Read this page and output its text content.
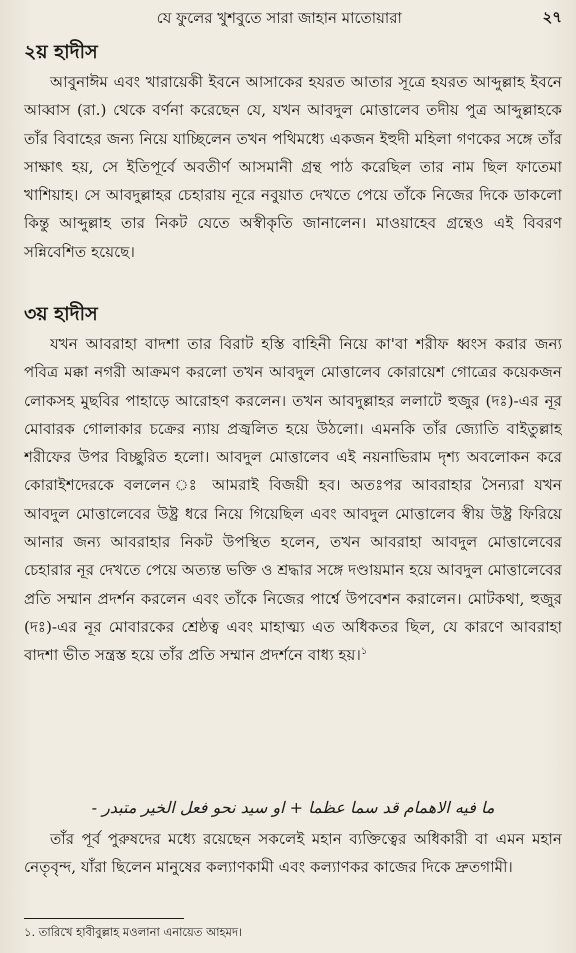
যে ফুলের খুশবুতে সারা জাহান মাতোয়ারা	২৭
২য় হাদীস

আবুনাঈম এবং খারায়েকী ইবনে আসাকের হযরত আতার সূত্রে হযরত আব্দুল্লাহ ইবনে আব্বাস (রা.) থেকে বর্ণনা করেছেন যে, যখন আবদুল মোত্তালেব তদীয় পুত্র আব্দুল্লাহকে তাঁর বিবাহের জন্য নিয়ে যাচ্ছিলেন তখন পথিমধ্যে একজন ইহুদী মহিলা গণকের সঙ্গে তাঁর সাক্ষাৎ হয়, সে ইতিপূর্বে অবতীর্ণ আসমানী গ্রন্থ পাঠ করেছিল তার নাম ছিল ফাতেমা খাশিয়াহ। সে আবদুল্লাহর চেহারায় নূরে নবুয়াত দেখতে পেয়ে তাঁকে নিজের দিকে ডাকলো কিন্তু আব্দুল্লাহ তার নিকট যেতে অস্বীকৃতি জানালেন। মাওয়াহেব গ্রন্থেও এই বিবরণ সন্নিবেশিত হয়েছে।

৩য় হাদীস

যখন আবরাহা বাদশা তার বিরাট হস্তি বাহিনী নিয়ে কা'বা শরীফ ধ্বংস করার জন্য পবিত্র মক্কা নগরী আক্রমণ করলো তখন আবদুল মোত্তালেব কোরায়েশ গোত্রের কয়েকজন লোকসহ মুছবির পাহাড়ে আরোহণ করলেন। তখন আবদুল্লাহর ললাটে হুজুর (দঃ)-এর নূর মোবারক গোলাকার চক্রের ন্যায় প্রজ্বলিত হয়ে উঠলো। এমনকি তাঁর জ্যোতি বাইতুল্লাহ শরীফের উপর বিচ্ছুরিত হলো। আবদুল মোত্তালেব এই নয়নাভিরাম দৃশ্য অবলোকন করে কোরাইশদেরকে বললেন ঃ আমরাই বিজয়ী হব। অতঃপর আবরাহার সৈন্যরা যখন আবদুল মোত্তালেবের উষ্ট্র ধরে নিয়ে গিয়েছিল এবং আবদুল মোত্তালেব স্বীয় উষ্ট্র ফিরিয়ে আনার জন্য আবরাহার নিকট উপস্থিত হলেন, তখন আবরাহা আবদুল মোত্তালেবের চেহারার নূর দেখতে পেয়ে অত্যন্ত ভক্তি ও শ্রদ্ধার সঙ্গে দণ্ডায়মান হয়ে আবদুল মোত্তালেবের প্রতি সম্মান প্রদর্শন করলেন এবং তাঁকে নিজের পার্শ্বে উপবেশন করালেন। মোটকথা, হুজুর (দঃ)-এর নূর মোবারকের শ্রেষ্ঠত্ব এবং মাহাত্ম্য এত অধিকতর ছিল, যে কারণে আবরাহা বাদশা ভীত সন্ত্রস্ত হয়ে তাঁর প্রতি সম্মান প্রদর্শনে বাধ্য হয়।$^১$

ما فيه الاهمام قد سما عظما + او سيد نحو فعل الخير متبدر -

তাঁর পূর্ব পুরুষদের মধ্যে রয়েছেন সকলেই মহান ব্যক্তিত্বের অধিকারী বা এমন মহান নেতৃবৃন্দ, যাঁরা ছিলেন মানুষের কল্যাণকামী এবং কল্যাণকর কাজের দিকে দ্রুতগামী।

১. তারিখে হাবীবুল্লাহ মওলানা এনায়েত আহমদ।
